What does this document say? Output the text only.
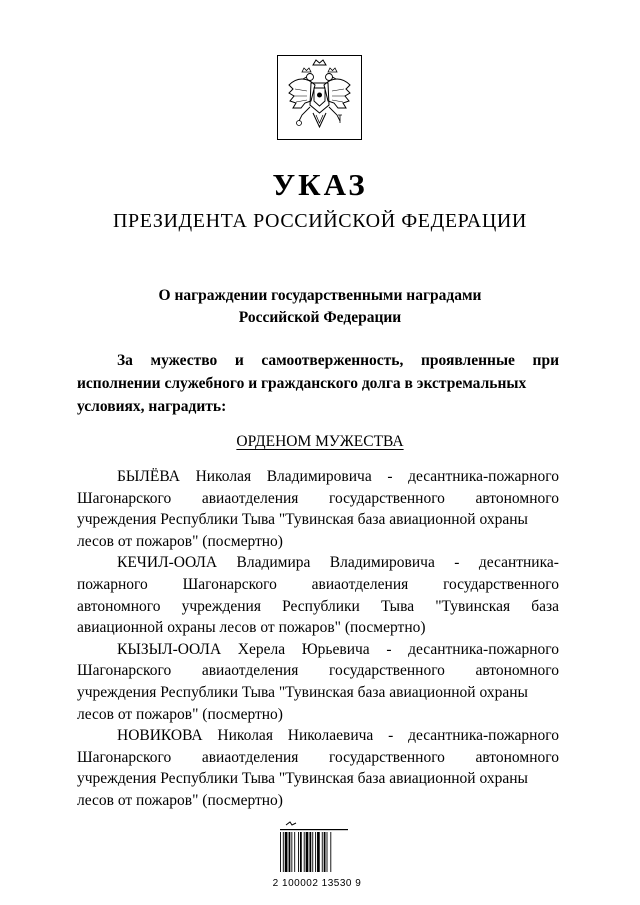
УКАЗ
ПРЕЗИДЕНТА РОССИЙСКОЙ ФЕДЕРАЦИИ
О награждении государственными наградами
Российской Федерации
За мужество и самоотверженность, проявленные при
исполнении служебного и гражданского долга в экстремальных
условиях, наградить:
ОРДЕНОМ МУЖЕСТВА
БЫЛЁВА Николая Владимировича - десантника-пожарного
Шагонарского авиаотделения государственного автономного
учреждения Республики Тыва "Тувинская база авиационной охраны
лесов от пожаров" (посмертно)
КЕЧИЛ-ООЛА Владимира Владимировича - десантника-
пожарного Шагонарского авиаотделения государственного
автономного учреждения Республики Тыва "Тувинская база
авиационной охраны лесов от пожаров" (посмертно)
КЫЗЫЛ-ООЛА Херела Юрьевича - десантника-пожарного
Шагонарского авиаотделения государственного автономного
учреждения Республики Тыва "Тувинская база авиационной охраны
лесов от пожаров" (посмертно)
НОВИКОВА Николая Николаевича - десантника-пожарного
Шагонарского авиаотделения государственного автономного
учреждения Республики Тыва "Тувинская база авиационной охраны
лесов от пожаров" (посмертно)
2 100002 13530 9
